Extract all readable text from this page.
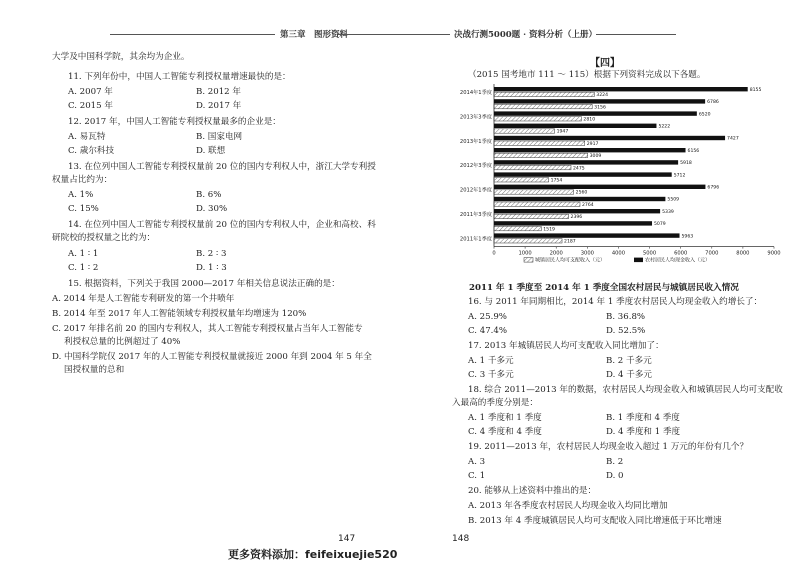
第三章　图形资料
大学及中国科学院，其余均为企业。
11. 下列年份中，中国人工智能专利授权量增速最快的是：
A. 2007 年	B. 2012 年
C. 2015 年	D. 2017 年
12. 2017 年，中国人工智能专利授权量最多的企业是：
A. 易瓦特	B. 国家电网
C. 歳尔科技	D. 联想
13. 在位列中国人工智能专利授权量前 20 位的国内专利权人中，浙江大学专利授
权量占比约为：
A. 1%	B. 6%
C. 15%	D. 30%
14. 在位列中国人工智能专利授权量前 20 位的国内专利权人中，企业和高校、科
研院校的授权量之比约为：
A. 1 ∶ 1	B. 2 ∶ 3
C. 1 ∶ 2	D. 1 ∶ 3
15. 根据资料，下列关于我国 2000—2017 年相关信息说法正确的是：
A. 2014 年是人工智能专利研发的第一个井喷年
B. 2014 年至 2017 年人工智能领域专利授权量年均增速为 120%
C. 2017 年排名前 20 的国内专利权人，其人工智能专利授权量占当年人工智能专
利授权总量的比例超过了 40%
D. 中国科学院仅 2017 年的人工智能专利授权量就接近 2000 年到 2004 年 5 年全
国授权量的总和
147
更多资料添加：feifeixuejie520
决战行测5000题 · 资料分析（上册）
【四】
（2015 国考地市 111 ～ 115）根据下列资料完成以下各题。
2014年1季度	8155
3224
6786
3156
2013年3季度	6520
2810
5222
1947
2013年1季度	7427
2917
6156
3009
2012年3季度	5918
2475
5712
1754
2012年1季度	6796
2560
5509
2764
2011年3季度	5339
2396
5079
1519
2011年1季度	5963
2187
0	1000	2000	3000	4000	5000	6000	7000	8000	9000
城镇居民人均可支配收入（元）	农村居民人均现金收入（元）
2011 年 1 季度至 2014 年 1 季度全国农村居民与城镇居民收入情况
16. 与 2011 年同期相比，2014 年 1 季度农村居民人均现金收入约增长了：
A. 25.9%	B. 36.8%
C. 47.4%	D. 52.5%
17. 2013 年城镇居民人均可支配收入同比增加了：
A. 1 千多元	B. 2 千多元
C. 3 千多元	D. 4 千多元
18. 综合 2011—2013 年的数据，农村居民人均现金收入和城镇居民人均可支配收
入最高的季度分别是：
A. 1 季度和 1 季度	B. 1 季度和 4 季度
C. 4 季度和 4 季度	D. 4 季度和 1 季度
19. 2011—2013 年，农村居民人均现金收入超过 1 万元的年份有几个？
A. 3	B. 2
C. 1	D. 0
20. 能够从上述资料中推出的是：
A. 2013 年各季度农村居民人均现金收入均同比增加
B. 2013 年 4 季度城镇居民人均可支配收入同比增速低于环比增速
148
